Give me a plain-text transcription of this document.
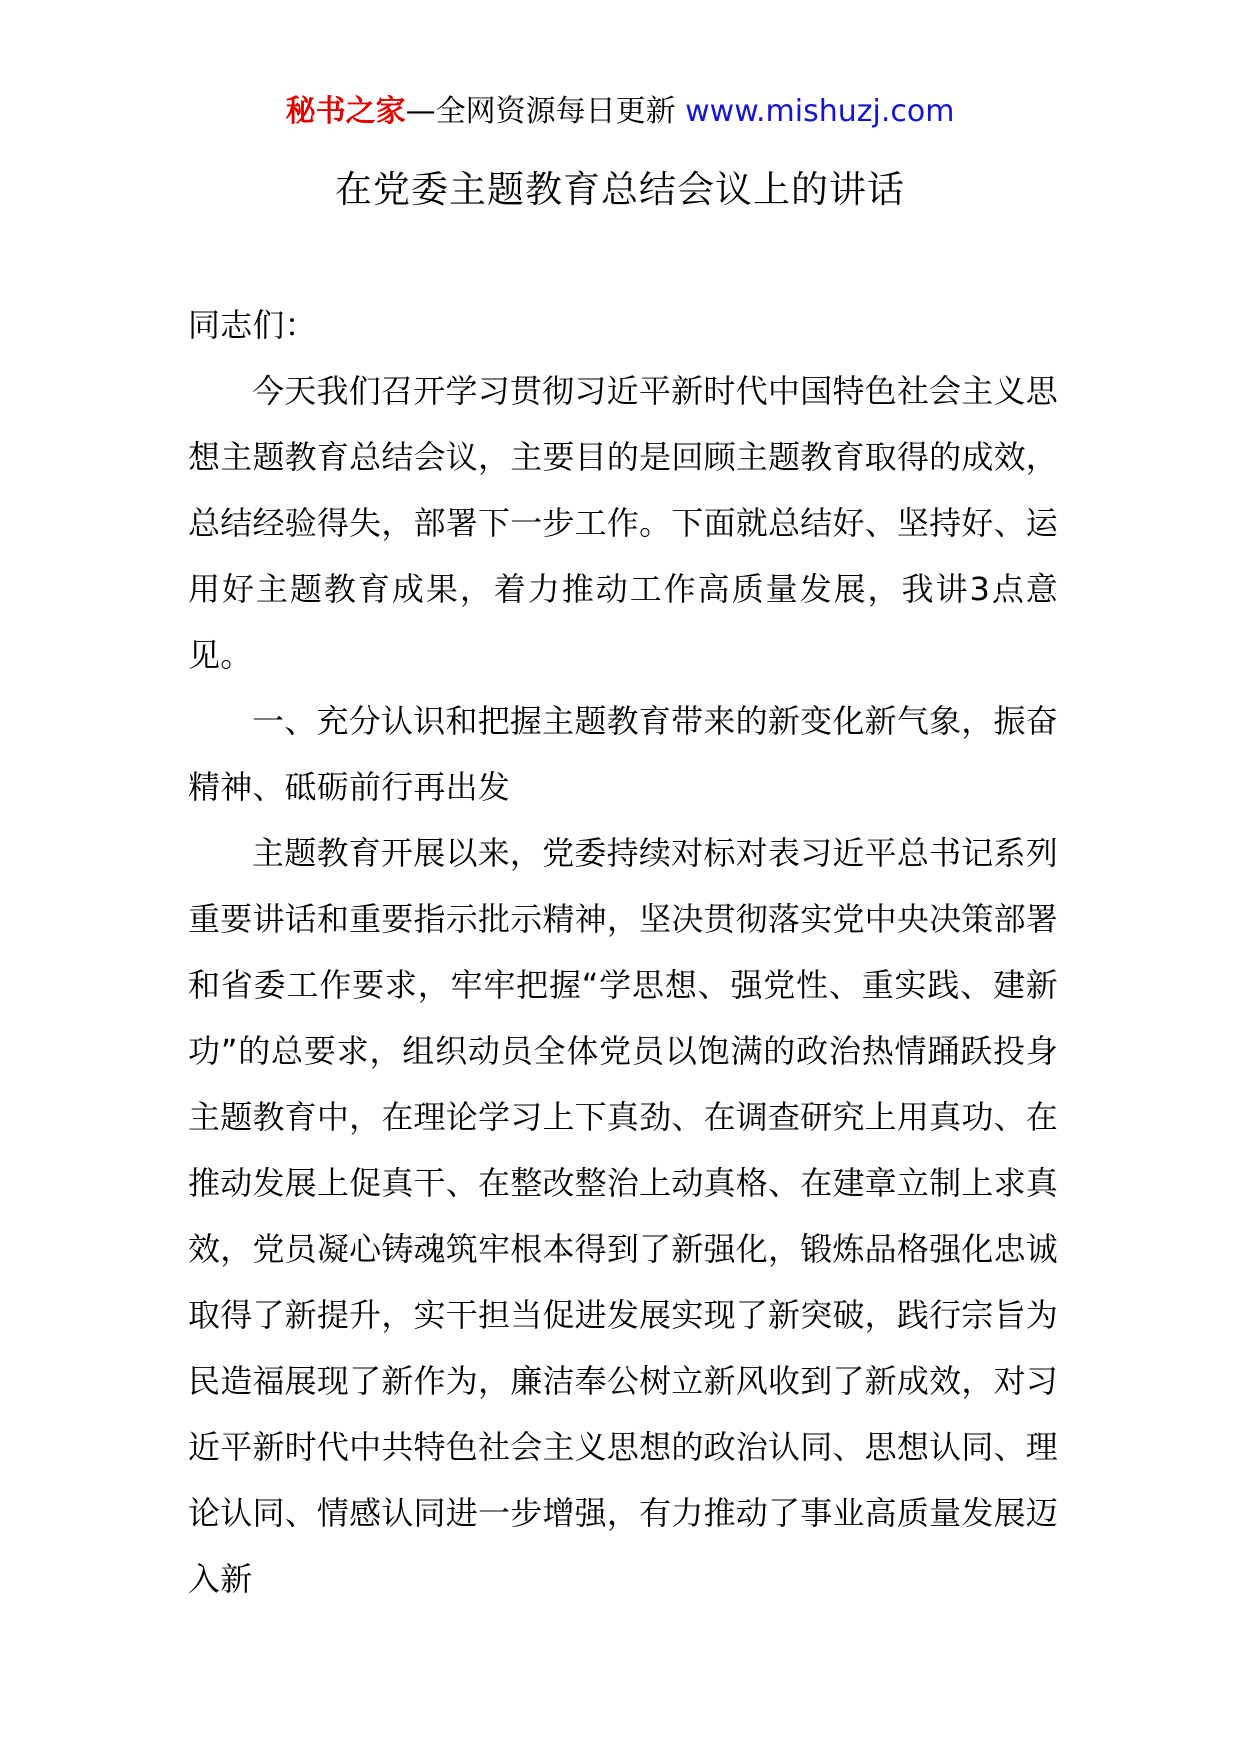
秘书之家—全网资源每日更新 www.mishuzj.com
在党委主题教育总结会议上的讲话

同志们：

今天我们召开学习贯彻习近平新时代中国特色社会主义思想主题教育总结会议，主要目的是回顾主题教育取得的成效，总结经验得失，部署下一步工作。下面就总结好、坚持好、运用好主题教育成果，着力推动工作高质量发展，我讲3点意见。

一、充分认识和把握主题教育带来的新变化新气象，振奋精神、砥砺前行再出发

主题教育开展以来，党委持续对标对表习近平总书记系列重要讲话和重要指示批示精神，坚决贯彻落实党中央决策部署和省委工作要求，牢牢把握“学思想、强党性、重实践、建新功”的总要求，组织动员全体党员以饱满的政治热情踊跃投身主题教育中，在理论学习上下真劲、在调查研究上用真功、在推动发展上促真干、在整改整治上动真格、在建章立制上求真效，党员凝心铸魂筑牢根本得到了新强化，锻炼品格强化忠诚取得了新提升，实干担当促进发展实现了新突破，践行宗旨为民造福展现了新作为，廉洁奉公树立新风收到了新成效，对习近平新时代中共特色社会主义思想的政治认同、思想认同、理论认同、情感认同进一步增强，有力推动了事业高质量发展迈入新
